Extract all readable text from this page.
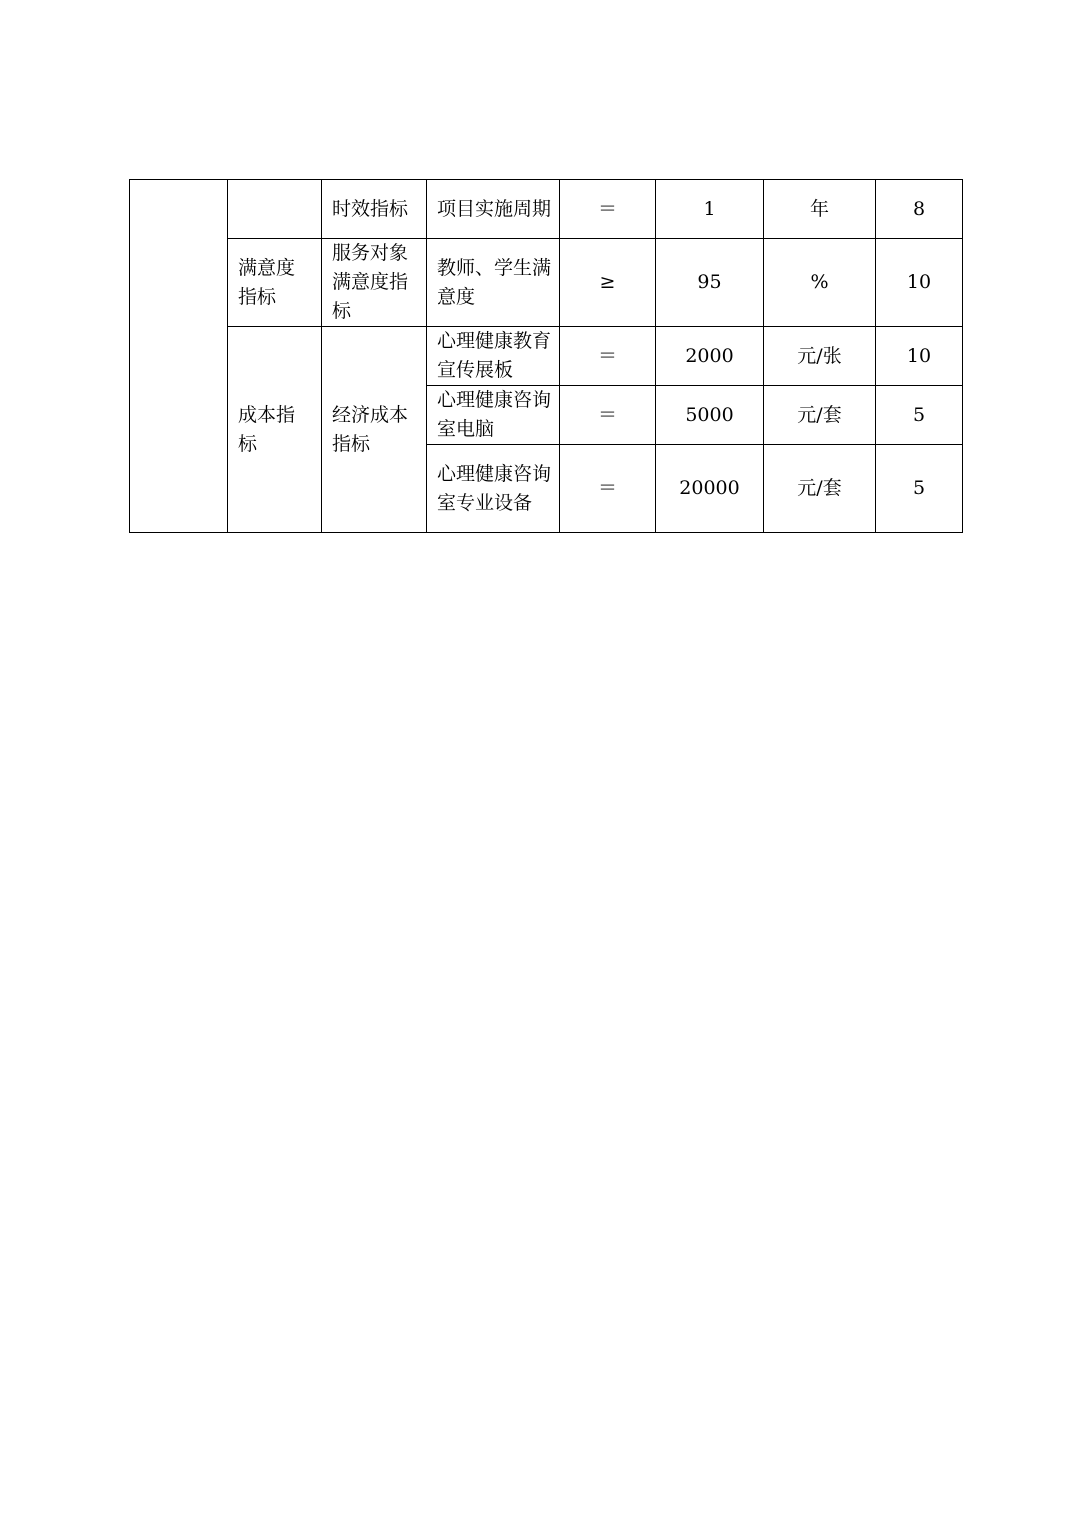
		时效指标	项目实施周期	＝	1	年	8
	满意度指标	服务对象满意度指标	教师、学生满意度	≥	95	%	10
	成本指标	经济成本指标	心理健康教育宣传展板	＝	2000	元/张	10
			心理健康咨询室电脑	＝	5000	元/套	5
			心理健康咨询室专业设备	＝	20000	元/套	5
